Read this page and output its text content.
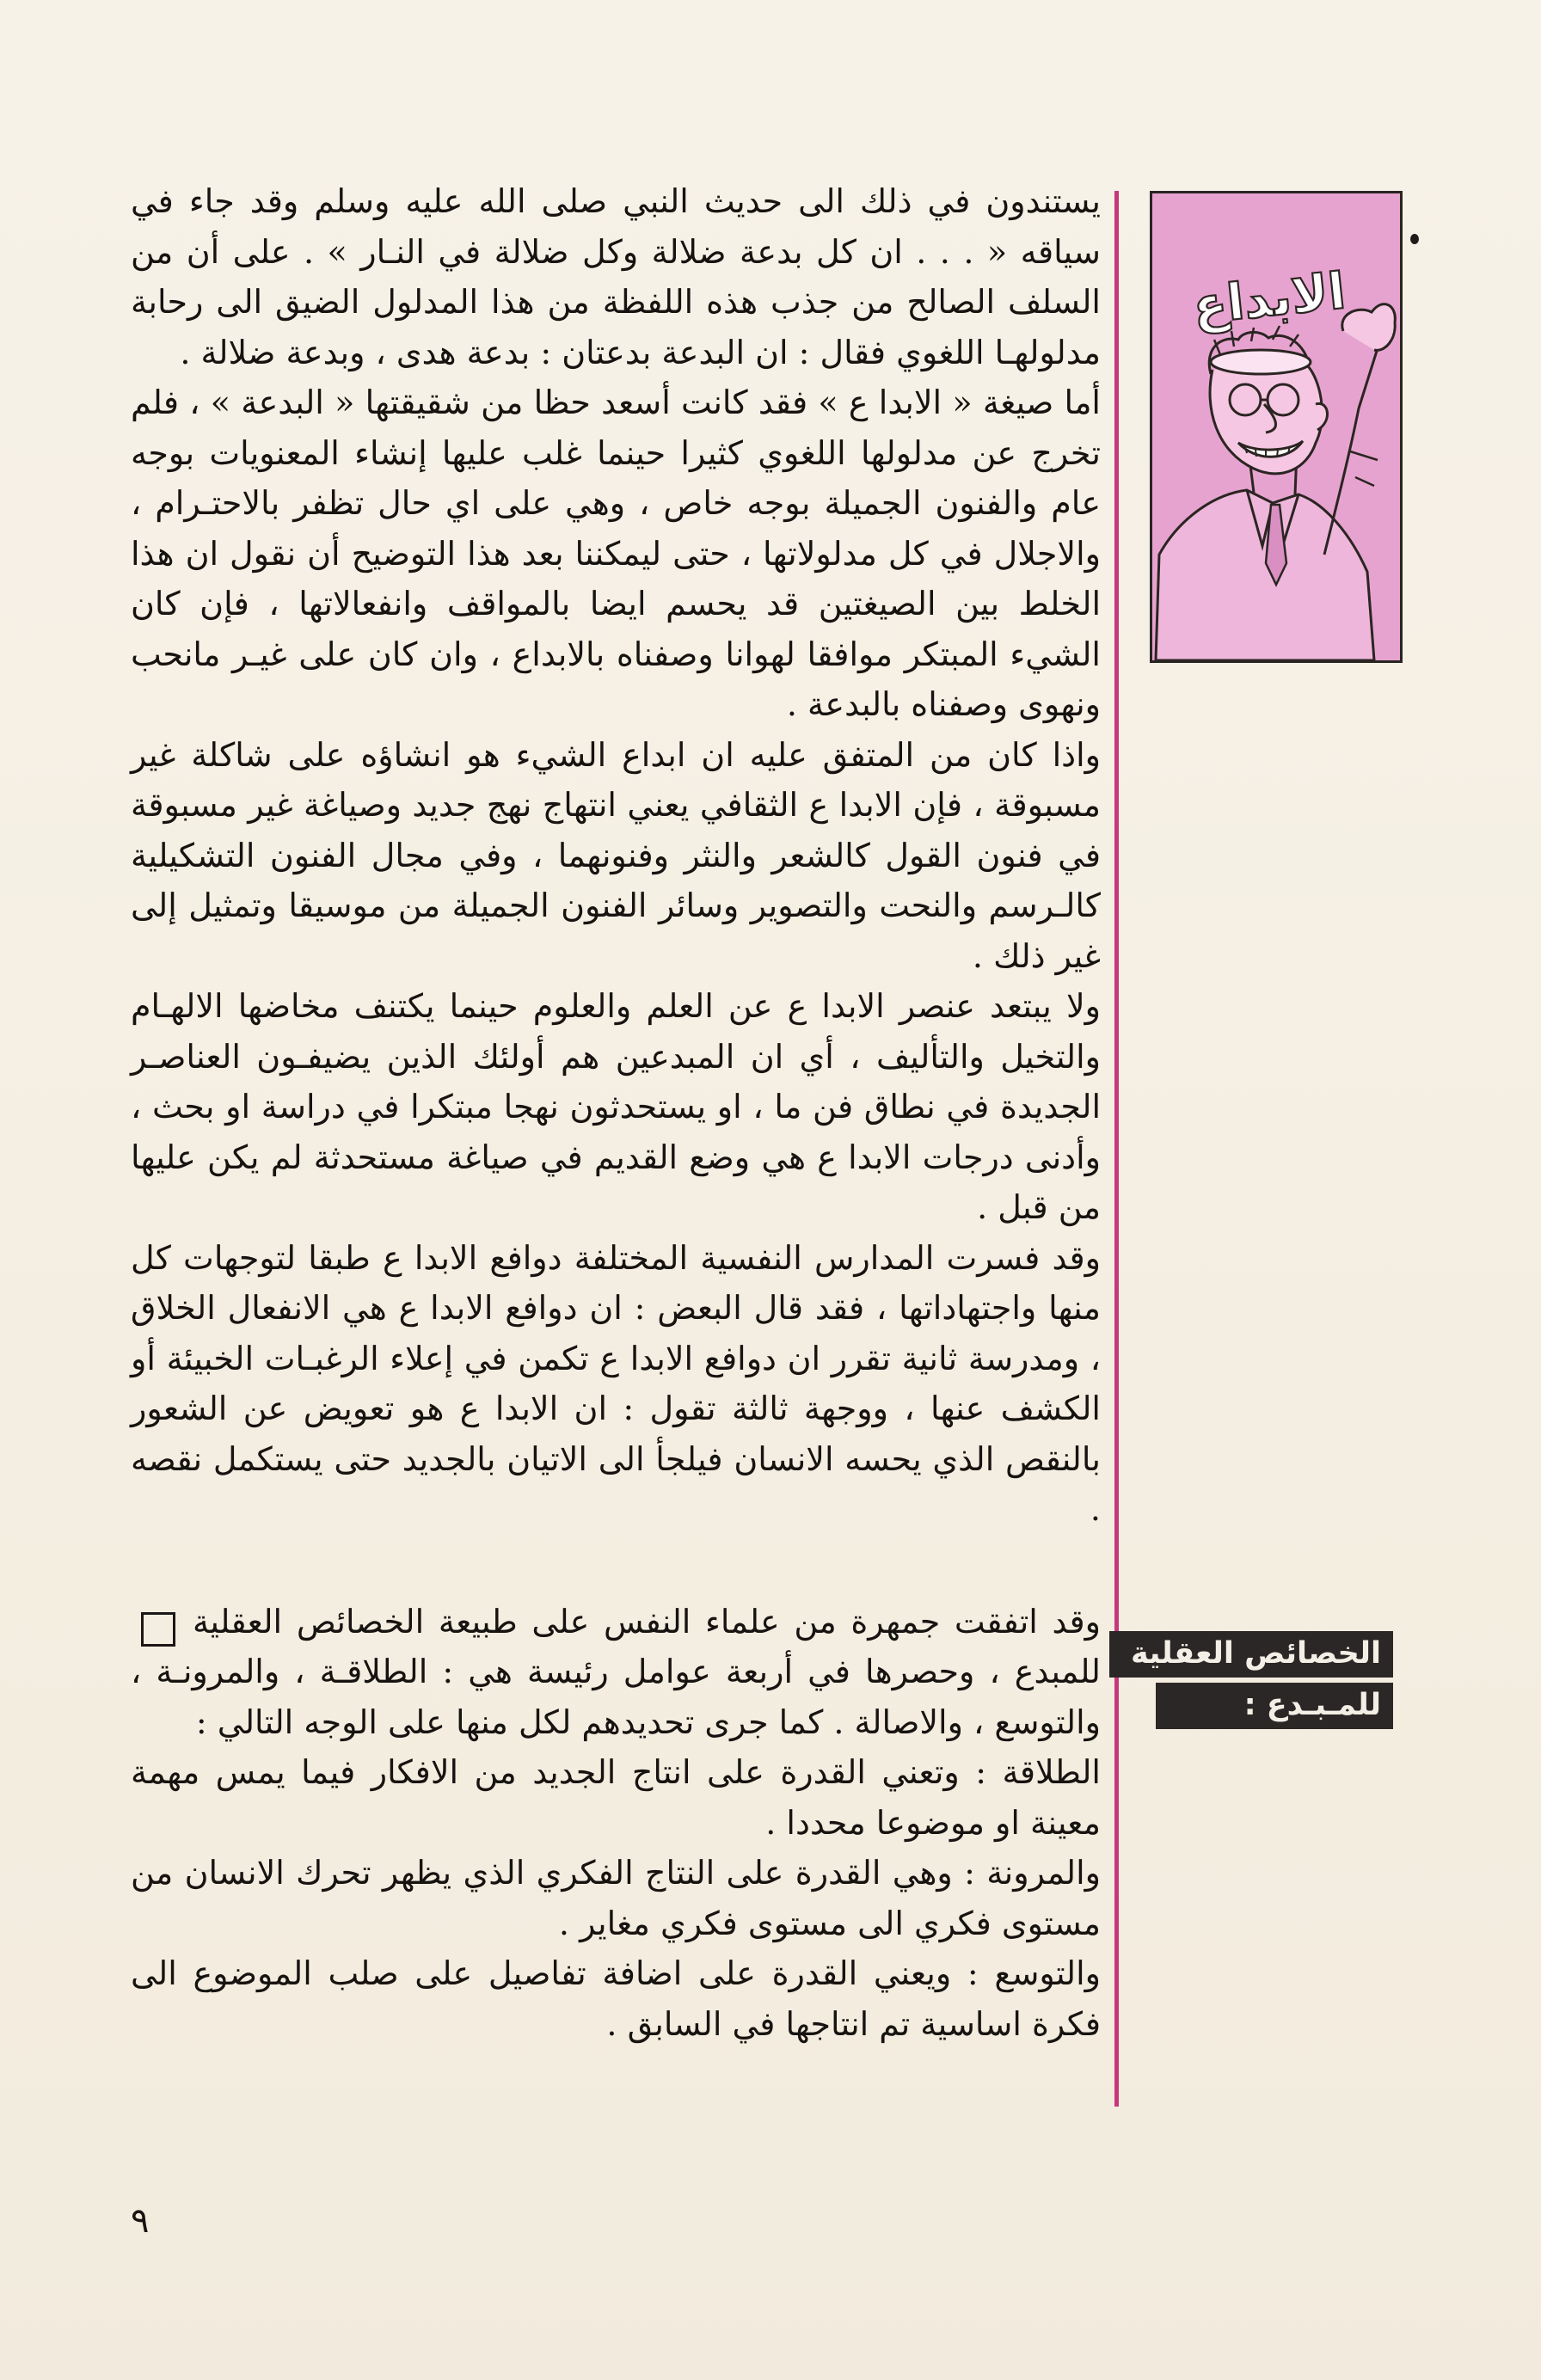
الابداع

يستندون في ذلك الى حديث النبي صلى الله عليه وسلم وقد جاء في سياقه « . . . ان كل بدعة ضلالة وكل ضلالة في النـار » . على أن من السلف الصالح من جذب هذه اللفظة من هذا المدلول الضيق الى رحابة مدلولهـا اللغوي فقال : ان البدعة بدعتان : بدعة هدى ، وبدعة ضلالة .

أما صيغة « الابدا ع » فقد كانت أسعد حظا من شقيقتها « البدعة » ، فلم تخرج عن مدلولها اللغوي كثيرا حينما غلب عليها إنشاء المعنويات بوجه عام والفنون الجميلة بوجه خاص ، وهي على اي حال تظفر بالاحتـرام ، والاجلال في كل مدلولاتها ، حتى ليمكننا بعد هذا التوضيح أن نقول ان هذا الخلط بين الصيغتين قد يحسم ايضا بالمواقف وانفعالاتها ، فإن كان الشيء المبتكر موافقا لهوانا وصفناه بالابداع ، وان كان على غيـر مانحب ونهوى وصفناه بالبدعة .

واذا كان من المتفق عليه ان ابداع الشيء هو انشاؤه على شاكلة غير مسبوقة ، فإن الابدا ع الثقافي يعني انتهاج نهج جديد وصياغة غير مسبوقة في فنون القول كالشعر والنثر وفنونهما ، وفي مجال الفنون التشكيلية كالـرسم والنحت والتصوير وسائر الفنون الجميلة من موسيقا وتمثيل إلى غير ذلك .

ولا يبتعد عنصر الابدا ع عن العلم والعلوم حينما يكتنف مخاضها الالهـام والتخيل والتأليف ، أي ان المبدعين هم أولئك الذين يضيفـون العناصـر الجديدة في نطاق فن ما ، او يستحدثون نهجا مبتكرا في دراسة او بحث ، وأدنى درجات الابدا ع هي وضع القديم في صياغة مستحدثة لم يكن عليها من قبل .

وقد فسرت المدارس النفسية المختلفة دوافع الابدا ع طبقا لتوجهات كل منها واجتهاداتها ، فقد قال البعض : ان دوافع الابدا ع هي الانفعال الخلاق ، ومدرسة ثانية تقرر ان دوافع الابدا ع تكمن في إعلاء الرغبـات الخبيئة أو الكشف عنها ، ووجهة ثالثة تقول : ان الابدا ع هو تعويض عن الشعور بالنقص الذي يحسه الانسان فيلجأ الى الاتيان بالجديد حتى يستكمل نقصه .

وقد اتفقت جمهرة من علماء النفس على طبيعة الخصائص العقلية للمبدع ، وحصرها في أربعة عوامل رئيسة هي : الطلاقـة ، والمرونـة ، والتوسع ، والاصالة . كما جرى تحديدهم لكل منها على الوجه التالي :

الطلاقة : وتعني القدرة على انتاج الجديد من الافكار فيما يمس مهمة معينة او موضوعا محددا .

والمرونة : وهي القدرة على النتاج الفكري الذي يظهر تحرك الانسان من مستوى فكري الى مستوى فكري مغاير .

والتوسع : ويعني القدرة على اضافة تفاصيل على صلب الموضوع الى فكرة اساسية تم انتاجها في السابق .

الخصائص العقلية
للمـبـدع :
٩
